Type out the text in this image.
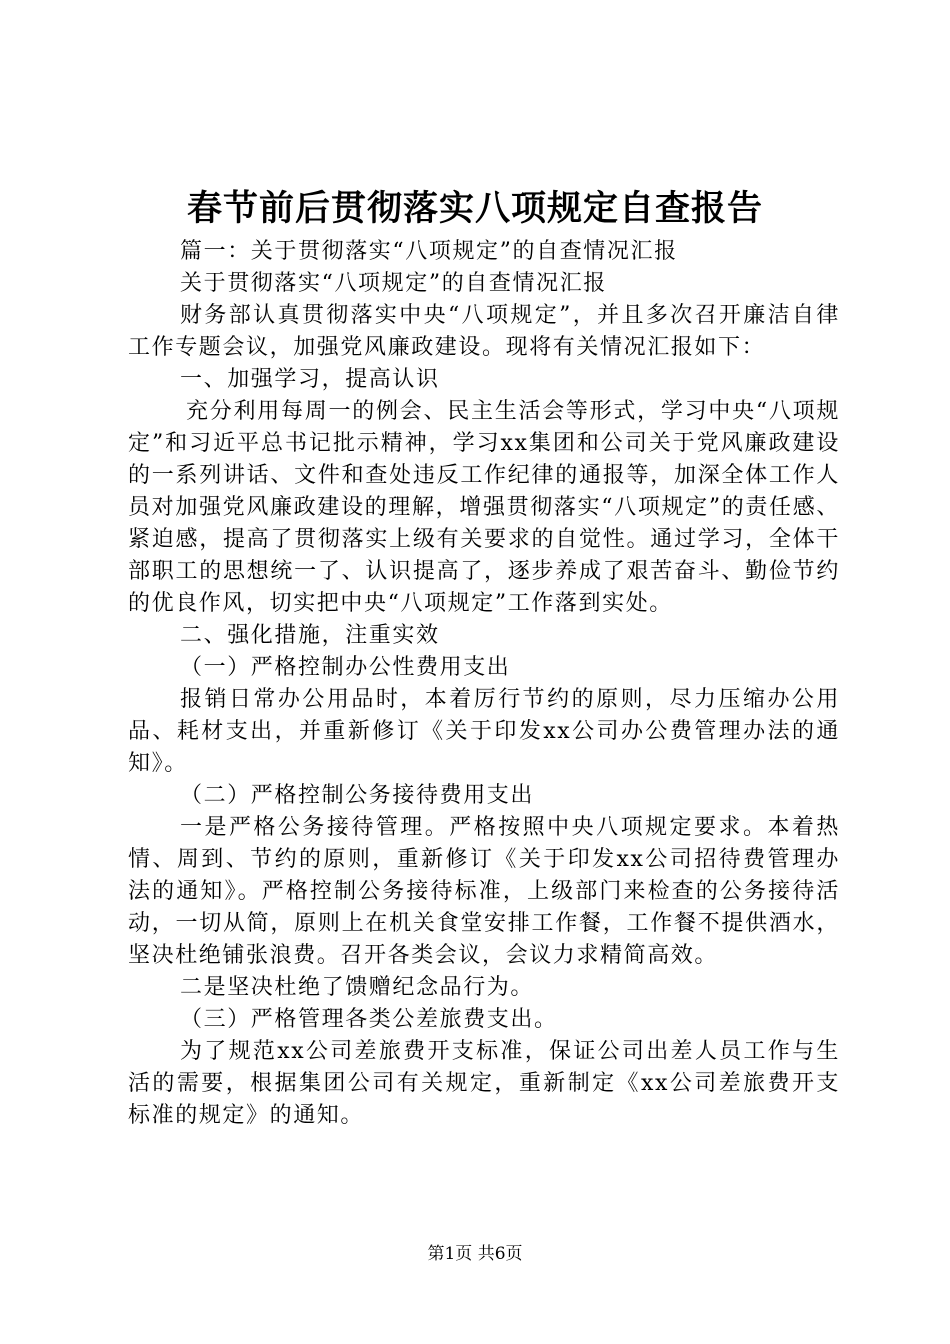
春节前后贯彻落实八项规定自查报告

篇一：关于贯彻落实“八项规定”的自查情况汇报

关于贯彻落实“八项规定”的自查情况汇报

财务部认真贯彻落实中央“八项规定”，并且多次召开廉洁自律工作专题会议，加强党风廉政建设。现将有关情况汇报如下：

一、加强学习，提高认识

充分利用每周一的例会、民主生活会等形式，学习中央“八项规定”和习近平总书记批示精神，学习xx集团和公司关于党风廉政建设的一系列讲话、文件和查处违反工作纪律的通报等，加深全体工作人员对加强党风廉政建设的理解，增强贯彻落实“八项规定”的责任感、紧迫感，提高了贯彻落实上级有关要求的自觉性。通过学习，全体干部职工的思想统一了、认识提高了，逐步养成了艰苦奋斗、勤俭节约的优良作风，切实把中央“八项规定”工作落到实处。

二、强化措施，注重实效

（一）严格控制办公性费用支出

报销日常办公用品时，本着厉行节约的原则，尽力压缩办公用品、耗材支出，并重新修订《关于印发xx公司办公费管理办法的通知》。

（二）严格控制公务接待费用支出

一是严格公务接待管理。严格按照中央八项规定要求。本着热情、周到、节约的原则，重新修订《关于印发xx公司招待费管理办法的通知》。严格控制公务接待标准，上级部门来检查的公务接待活动，一切从简，原则上在机关食堂安排工作餐，工作餐不提供酒水，坚决杜绝铺张浪费。召开各类会议，会议力求精简高效。

二是坚决杜绝了馈赠纪念品行为。

（三）严格管理各类公差旅费支出。

为了规范xx公司差旅费开支标准，保证公司出差人员工作与生活的需要，根据集团公司有关规定，重新制定《xx公司差旅费开支标准的规定》的通知。

第1页 共6页
